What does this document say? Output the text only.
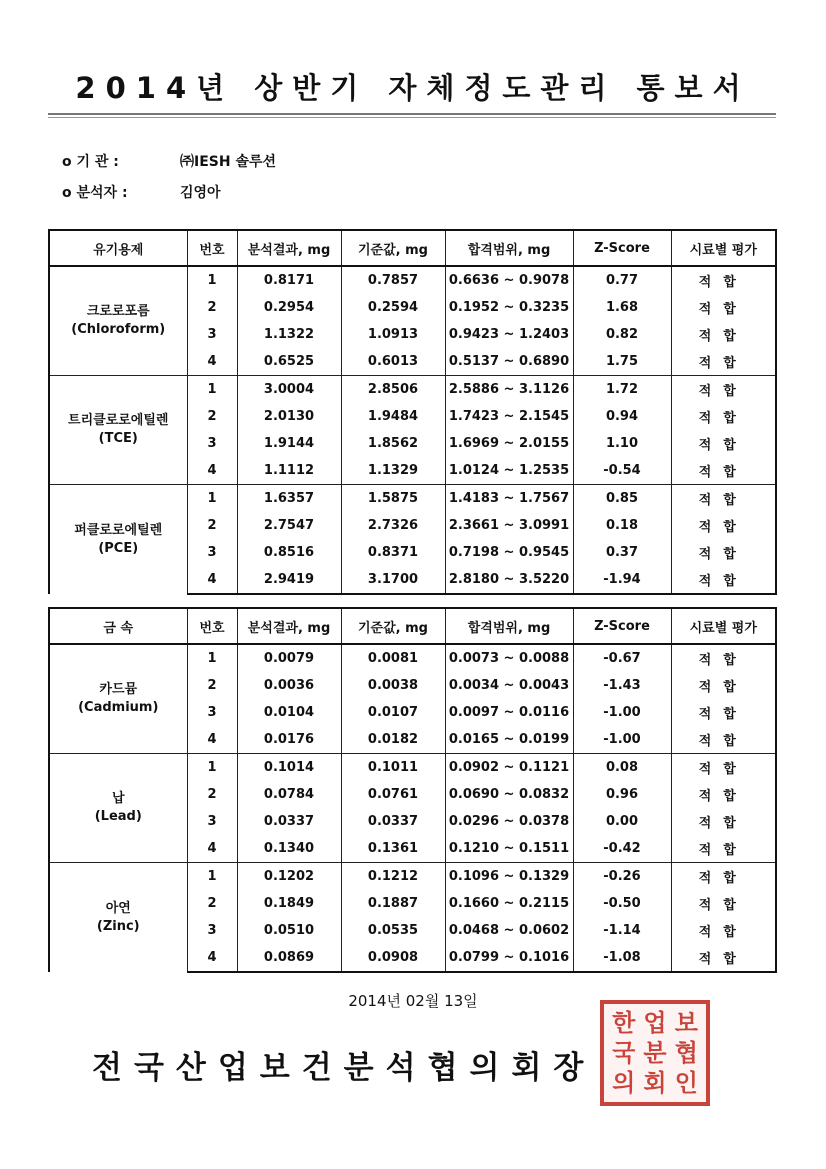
2014년 상반기 자체정도관리 통보서
o 기 관 :	㈜IESH 솔루션
o 분석자 :	김영아
유기용제	번호	분석결과, mg	기준값, mg	합격범위, mg	Z-Score	시료별 평가

크로로포름
(Chloroform)	1	0.8171	0.7857	0.6636 ~ 0.9078	0.77	적합
	2	0.2954	0.2594	0.1952 ~ 0.3235	1.68	적합
	3	1.1322	1.0913	0.9423 ~ 1.2403	0.82	적합
	4	0.6525	0.6013	0.5137 ~ 0.6890	1.75	적합

트리클로로에틸렌
(TCE)	1	3.0004	2.8506	2.5886 ~ 3.1126	1.72	적합
	2	2.0130	1.9484	1.7423 ~ 2.1545	0.94	적합
	3	1.9144	1.8562	1.6969 ~ 2.0155	1.10	적합
	4	1.1112	1.1329	1.0124 ~ 1.2535	-0.54	적합

퍼클로로에틸렌
(PCE)	1	1.6357	1.5875	1.4183 ~ 1.7567	0.85	적합
	2	2.7547	2.7326	2.3661 ~ 3.0991	0.18	적합
	3	0.8516	0.8371	0.7198 ~ 0.9545	0.37	적합
	4	2.9419	3.1700	2.8180 ~ 3.5220	-1.94	적합
금 속	번호	분석결과, mg	기준값, mg	합격범위, mg	Z-Score	시료별 평가

카드뮴
(Cadmium)	1	0.0079	0.0081	0.0073 ~ 0.0088	-0.67	적합
	2	0.0036	0.0038	0.0034 ~ 0.0043	-1.43	적합
	3	0.0104	0.0107	0.0097 ~ 0.0116	-1.00	적합
	4	0.0176	0.0182	0.0165 ~ 0.0199	-1.00	적합

납
(Lead)	1	0.1014	0.1011	0.0902 ~ 0.1121	0.08	적합
	2	0.0784	0.0761	0.0690 ~ 0.0832	0.96	적합
	3	0.0337	0.0337	0.0296 ~ 0.0378	0.00	적합
	4	0.1340	0.1361	0.1210 ~ 0.1511	-0.42	적합

아연
(Zinc)	1	0.1202	0.1212	0.1096 ~ 0.1329	-0.26	적합
	2	0.1849	0.1887	0.1660 ~ 0.2115	-0.50	적합
	3	0.0510	0.0535	0.0468 ~ 0.0602	-1.14	적합
	4	0.0869	0.0908	0.0799 ~ 0.1016	-1.08	적합
2014년 02월 13일
전국산업보건분석협의회장
한 업 보
국 분 협
의 회 인
